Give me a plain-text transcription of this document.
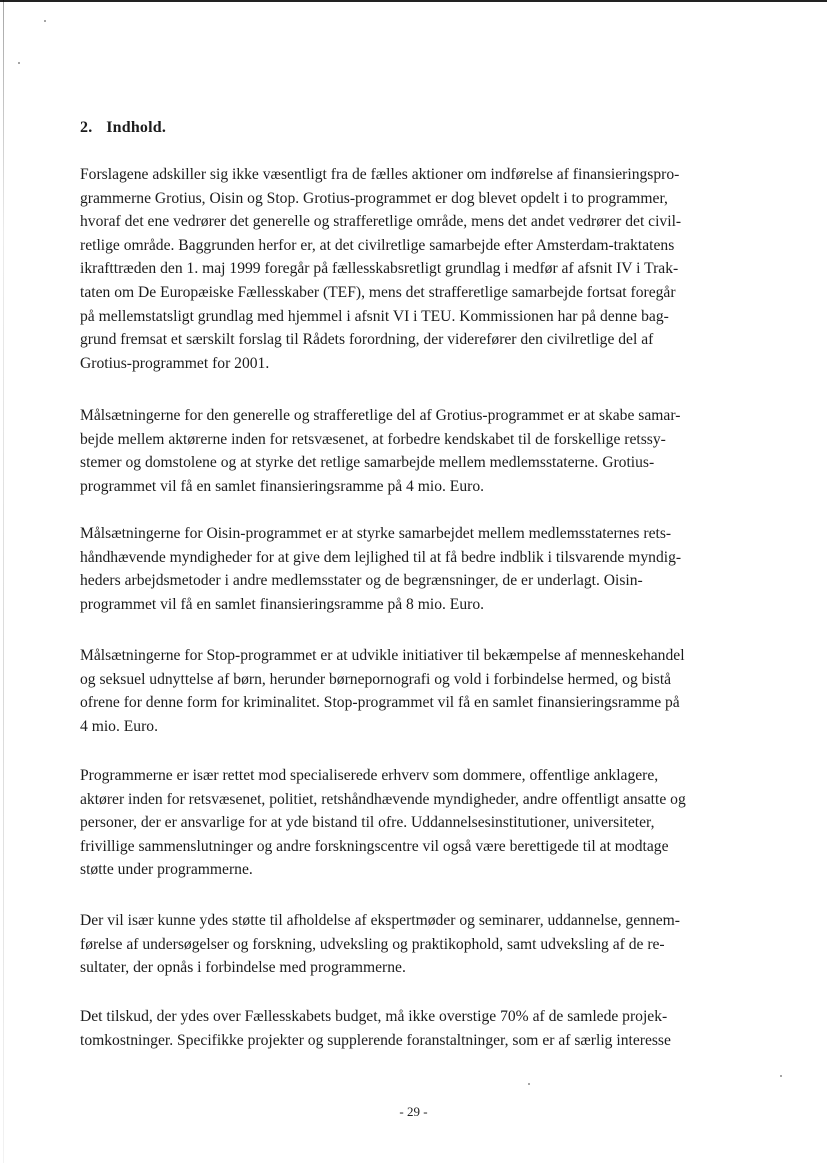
2. Indhold.
Forslagene adskiller sig ikke væsentligt fra de fælles aktioner om indførelse af finansieringspro-
grammerne Grotius, Oisin og Stop. Grotius-programmet er dog blevet opdelt i to programmer,
hvoraf det ene vedrører det generelle og strafferetlige område, mens det andet vedrører det civil-
retlige område. Baggrunden herfor er, at det civilretlige samarbejde efter Amsterdam-traktatens
ikrafttræden den 1. maj 1999 foregår på fællesskabsretligt grundlag i medfør af afsnit IV i Trak-
taten om De Europæiske Fællesskaber (TEF), mens det strafferetlige samarbejde fortsat foregår
på mellemstatsligt grundlag med hjemmel i afsnit VI i TEU. Kommissionen har på denne bag-
grund fremsat et særskilt forslag til Rådets forordning, der viderefører den civilretlige del af
Grotius-programmet for 2001.
Målsætningerne for den generelle og strafferetlige del af Grotius-programmet er at skabe samar-
bejde mellem aktørerne inden for retsvæsenet, at forbedre kendskabet til de forskellige retssy-
stemer og domstolene og at styrke det retlige samarbejde mellem medlemsstaterne. Grotius-
programmet vil få en samlet finansieringsramme på 4 mio. Euro.
Målsætningerne for Oisin-programmet er at styrke samarbejdet mellem medlemsstaternes rets-
håndhævende myndigheder for at give dem lejlighed til at få bedre indblik i tilsvarende myndig-
heders arbejdsmetoder i andre medlemsstater og de begrænsninger, de er underlagt. Oisin-
programmet vil få en samlet finansieringsramme på 8 mio. Euro.
Målsætningerne for Stop-programmet er at udvikle initiativer til bekæmpelse af menneskehandel
og seksuel udnyttelse af børn, herunder børnepornografi og vold i forbindelse hermed, og bistå
ofrene for denne form for kriminalitet. Stop-programmet vil få en samlet finansieringsramme på
4 mio. Euro.
Programmerne er især rettet mod specialiserede erhverv som dommere, offentlige anklagere,
aktører inden for retsvæsenet, politiet, retshåndhævende myndigheder, andre offentligt ansatte og
personer, der er ansvarlige for at yde bistand til ofre. Uddannelsesinstitutioner, universiteter,
frivillige sammenslutninger og andre forskningscentre vil også være berettigede til at modtage
støtte under programmerne.
Der vil især kunne ydes støtte til afholdelse af ekspertmøder og seminarer, uddannelse, gennem-
førelse af undersøgelser og forskning, udveksling og praktikophold, samt udveksling af de re-
sultater, der opnås i forbindelse med programmerne.
Det tilskud, der ydes over Fællesskabets budget, må ikke overstige 70% af de samlede projek-
tomkostninger. Specifikke projekter og supplerende foranstaltninger, som er af særlig interesse
- 29 -
